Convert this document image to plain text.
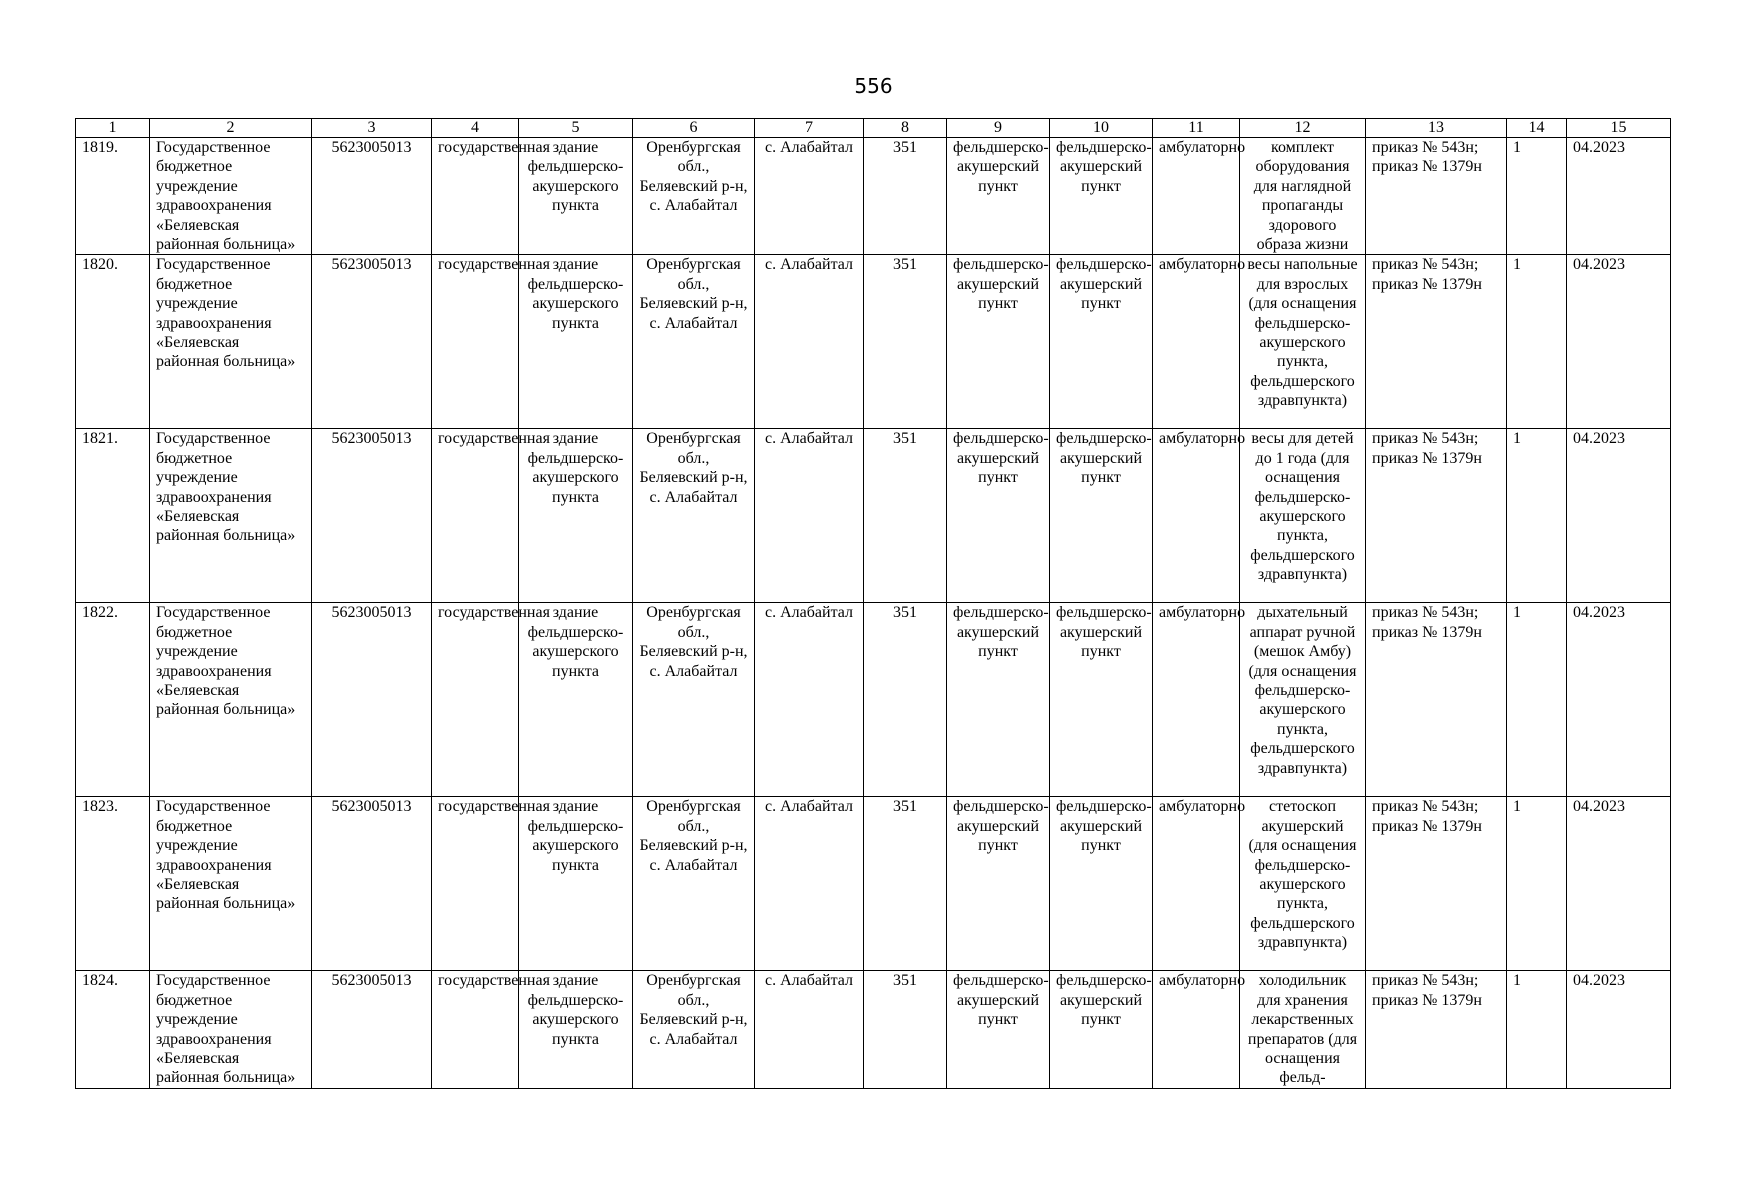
556
1	2	3	4	5	6	7	8	9	10	11	12	13	14	15
1819.	Государственное бюджетное учреждение здравоохранения «Беляевская районная больница»	5623005013	государственная	здание фельдшерско-акушерского пункта	Оренбургская обл., Беляевский р-н, с. Алабайтал	с. Алабайтал	351	фельдшерско-акушерский пункт	фельдшерско-акушерский пункт	амбулаторно	комплект оборудования для наглядной пропаганды здорового образа жизни	приказ № 543н; приказ № 1379н	1	04.2023
1820.	Государственное бюджетное учреждение здравоохранения «Беляевская районная больница»	5623005013	государственная	здание фельдшерско-акушерского пункта	Оренбургская обл., Беляевский р-н, с. Алабайтал	с. Алабайтал	351	фельдшерско-акушерский пункт	фельдшерско-акушерский пункт	амбулаторно	весы напольные для взрослых (для оснащения фельдшерско-акушерского пункта, фельдшерского здравпункта)	приказ № 543н; приказ № 1379н	1	04.2023
1821.	Государственное бюджетное учреждение здравоохранения «Беляевская районная больница»	5623005013	государственная	здание фельдшерско-акушерского пункта	Оренбургская обл., Беляевский р-н, с. Алабайтал	с. Алабайтал	351	фельдшерско-акушерский пункт	фельдшерско-акушерский пункт	амбулаторно	весы для детей до 1 года (для оснащения фельдшерско-акушерского пункта, фельдшерского здравпункта)	приказ № 543н; приказ № 1379н	1	04.2023
1822.	Государственное бюджетное учреждение здравоохранения «Беляевская районная больница»	5623005013	государственная	здание фельдшерско-акушерского пункта	Оренбургская обл., Беляевский р-н, с. Алабайтал	с. Алабайтал	351	фельдшерско-акушерский пункт	фельдшерско-акушерский пункт	амбулаторно	дыхательный аппарат ручной (мешок Амбу) (для оснащения фельдшерско-акушерского пункта, фельдшерского здравпункта)	приказ № 543н; приказ № 1379н	1	04.2023
1823.	Государственное бюджетное учреждение здравоохранения «Беляевская районная больница»	5623005013	государственная	здание фельдшерско-акушерского пункта	Оренбургская обл., Беляевский р-н, с. Алабайтал	с. Алабайтал	351	фельдшерско-акушерский пункт	фельдшерско-акушерский пункт	амбулаторно	стетоскоп акушерский (для оснащения фельдшерско-акушерского пункта, фельдшерского здравпункта)	приказ № 543н; приказ № 1379н	1	04.2023
1824.	Государственное бюджетное учреждение здравоохранения «Беляевская районная больница»	5623005013	государственная	здание фельдшерско-акушерского пункта	Оренбургская обл., Беляевский р-н, с. Алабайтал	с. Алабайтал	351	фельдшерско-акушерский пункт	фельдшерско-акушерский пункт	амбулаторно	холодильник для хранения лекарственных препаратов (для оснащения фельд-	приказ № 543н; приказ № 1379н	1	04.2023
